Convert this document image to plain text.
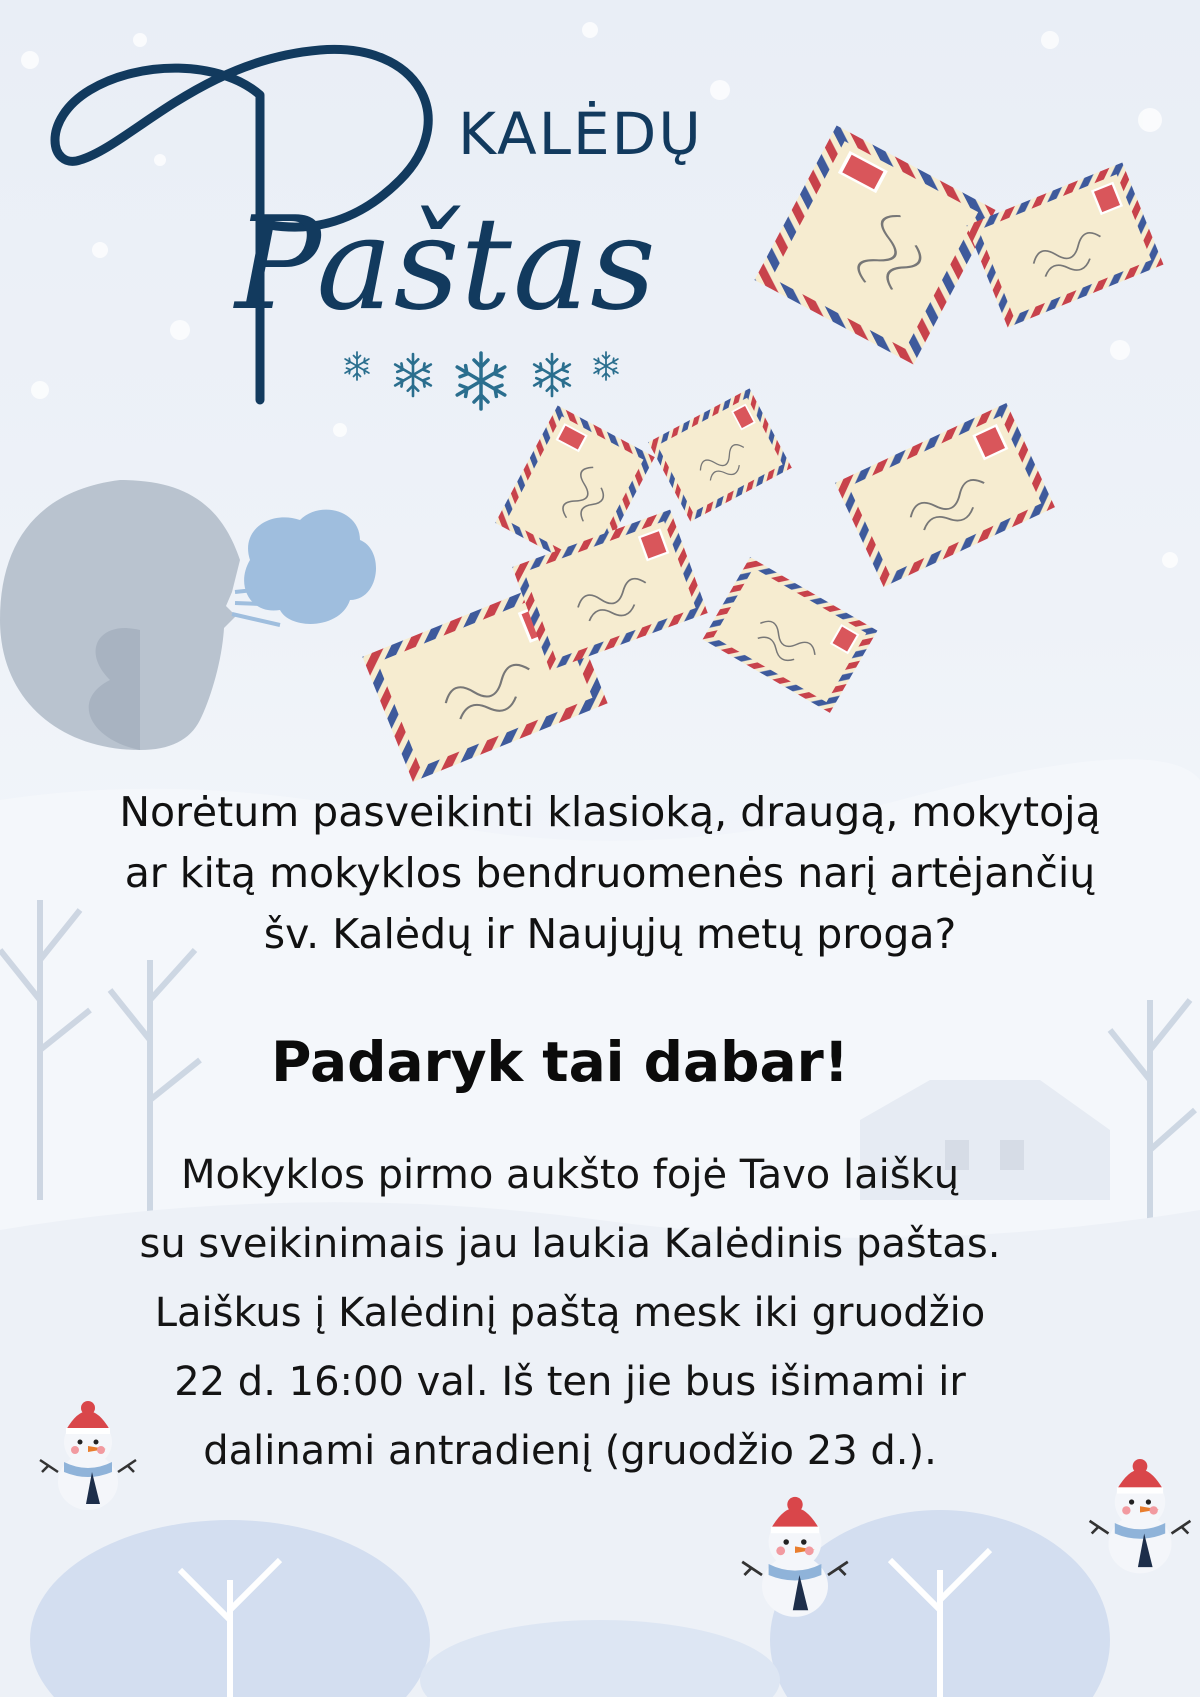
KALĖDŲ
Paštas
Norėtum pasveikinti klasioką, draugą, mokytoją
ar kitą mokyklos bendruomenės narį artėjančių
šv. Kalėdų ir Naujųjų metų proga?
Padaryk tai dabar!
Mokyklos pirmo aukšto fojė Tavo laiškų
su sveikinimais jau laukia Kalėdinis paštas.
Laiškus į Kalėdinį paštą mesk iki gruodžio
22 d. 16:00 val. Iš ten jie bus išimami ir
dalinami antradienį (gruodžio 23 d.).
